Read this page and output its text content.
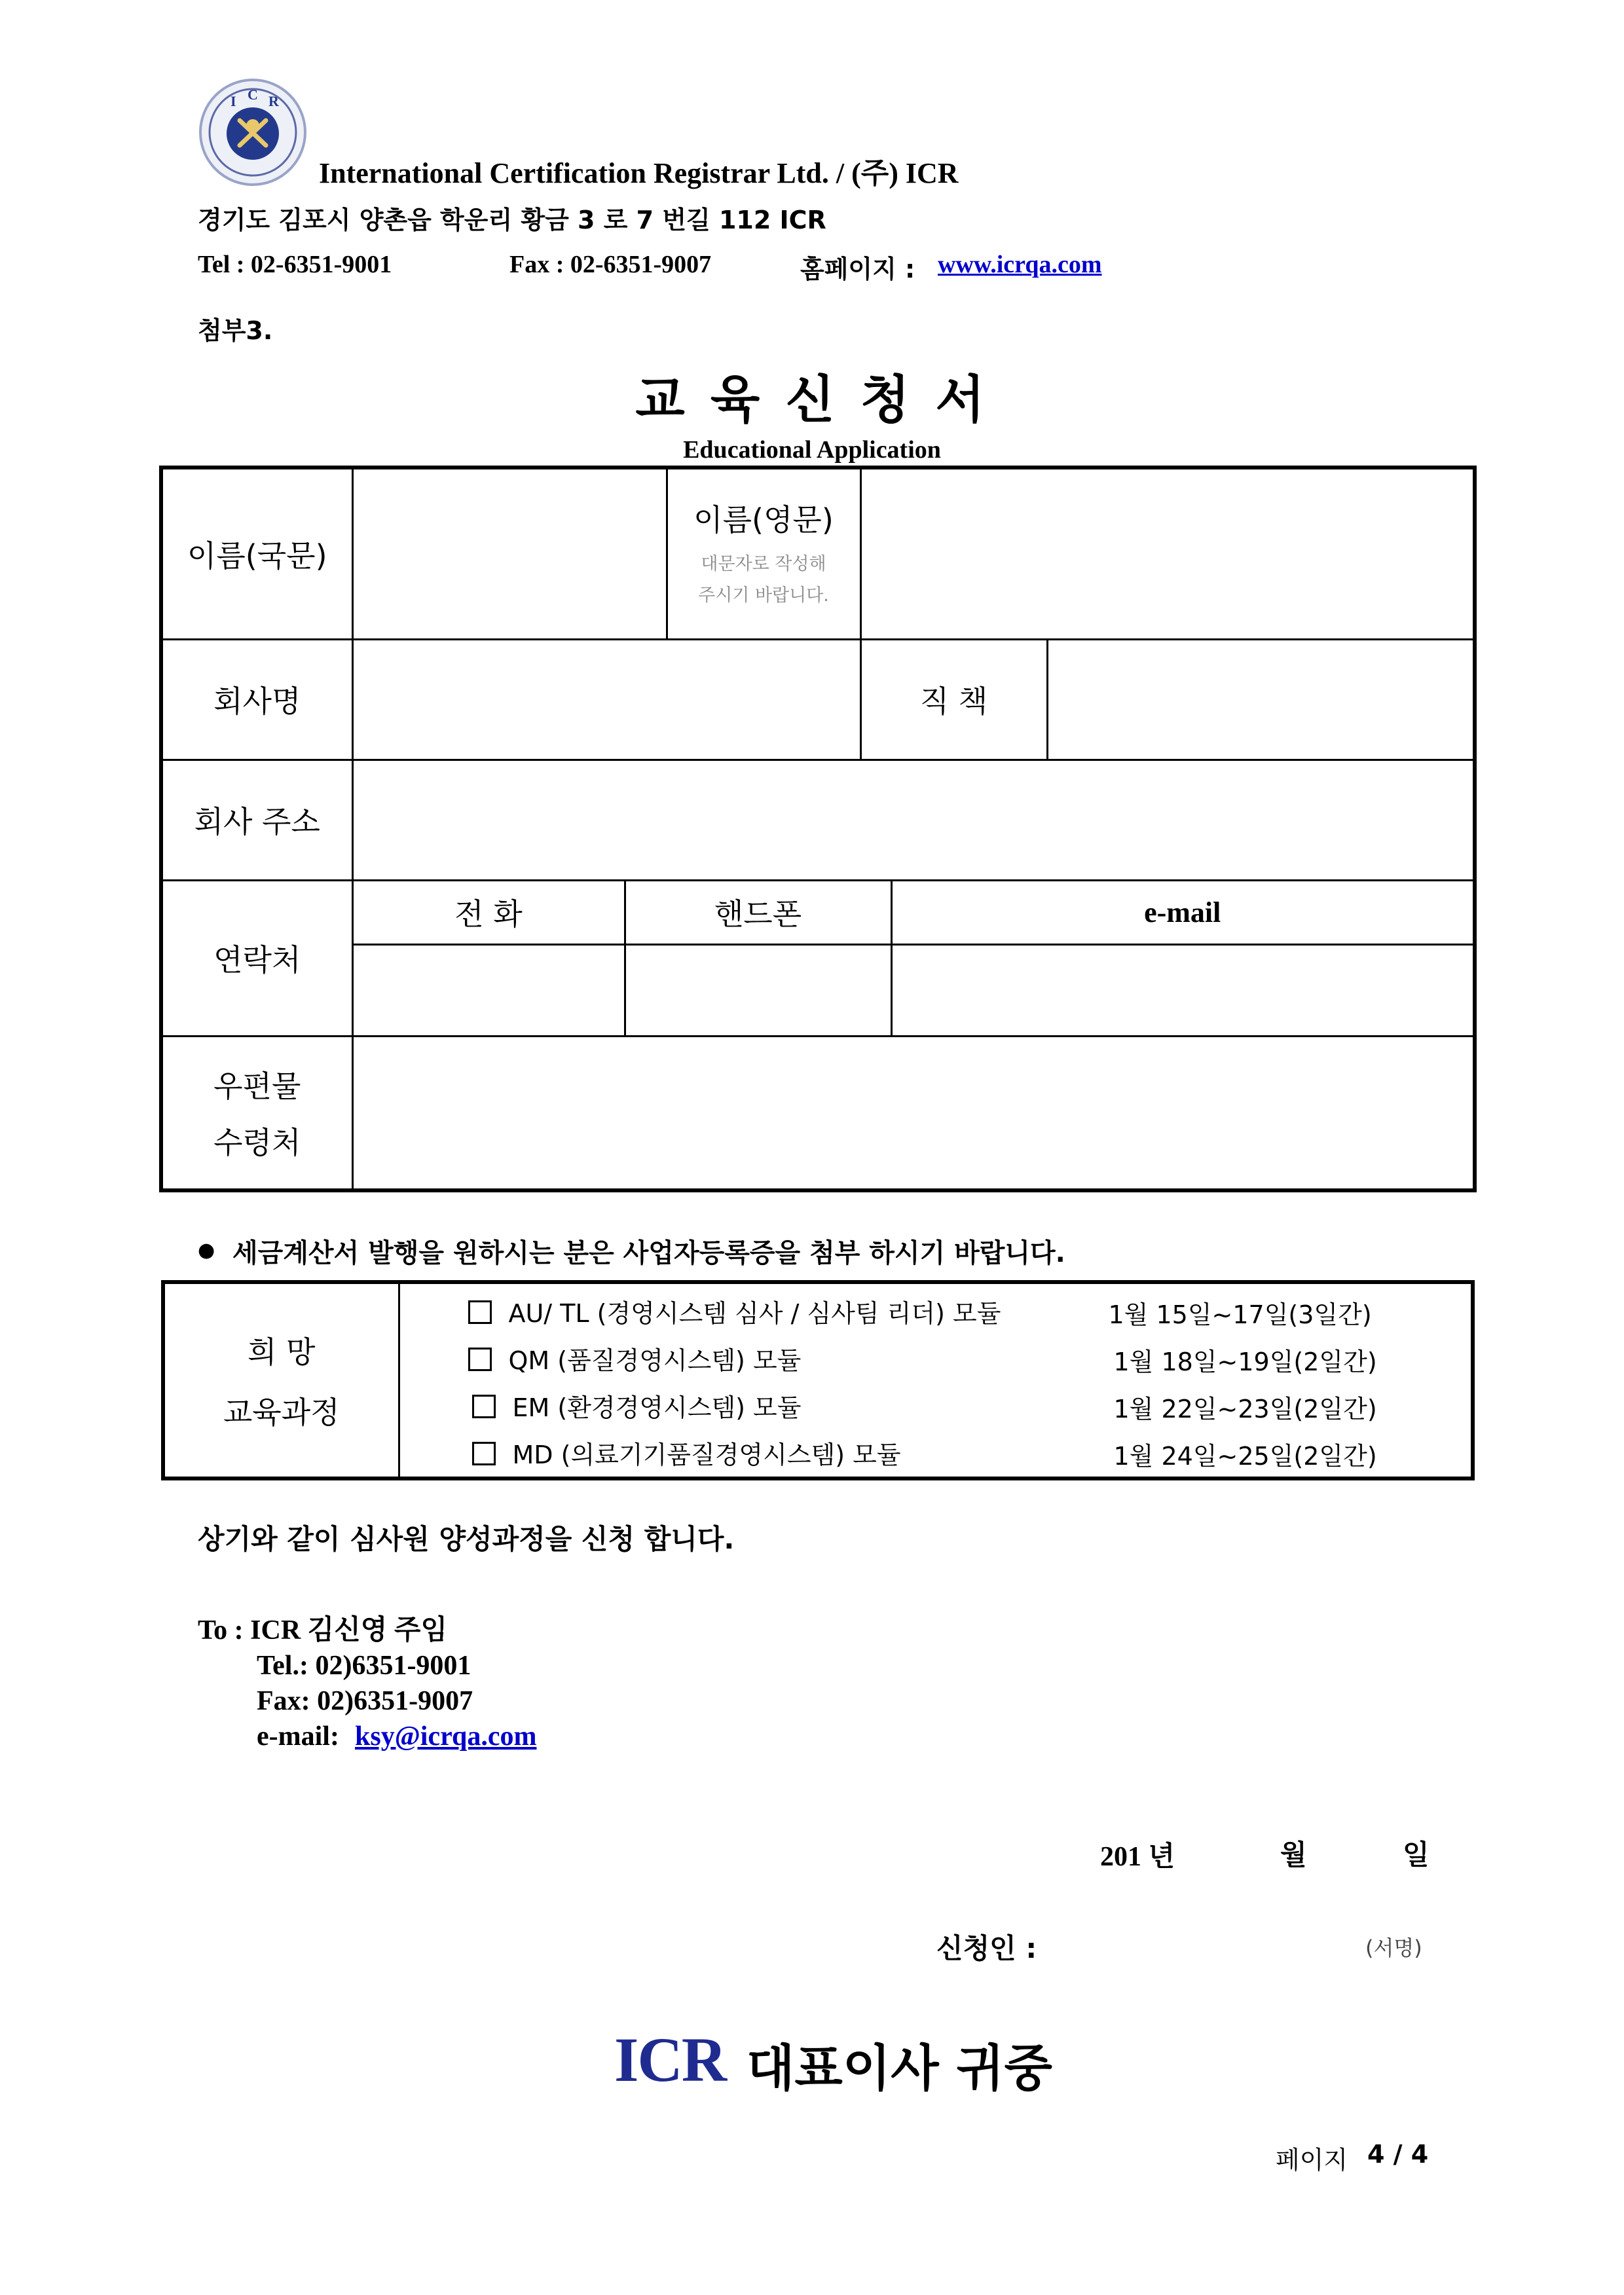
I C R
International Certification Registrar Ltd. / (주) ICR
경기도 김포시 양촌읍 학운리 황금 3 로 7 번길 112 ICR
Tel : 02-6351-9001	Fax : 02-6351-9007	홈페이지 : www.icrqa.com
첨부3.
교 육 신 청 서
Educational Application
이름(국문)			이름(영문)
대문자로 작성해
주시기 바랍니다.			

회사명				직 책		
회사 주소						
연락처	전 화	핸드폰			e-mail	

우편물
수령처						

● 세금계산서 발행을 원하시는 분은 사업자등록증을 첨부 하시기 바랍니다.
희 망
교육과정

AU/ TL (경영시스템 심사 / 심사팀 리더) 모듈	1월 15일~17일(3일간)
QM (품질경영시스템) 모듈	1월 18일~19일(2일간)
EM (환경경영시스템) 모듈	1월 22일~23일(2일간)
MD (의료기기품질경영시스템) 모듈	1월 24일~25일(2일간)
상기와 같이 심사원 양성과정을 신청 합니다.
To : ICR 김신영 주임
Tel.: 02)6351-9001
Fax: 02)6351-9007
e-mail: ksy@icrqa.com
201 년	월	일
신청인 :	(서명)
ICR 대표이사 귀중
페이지 4 / 4
